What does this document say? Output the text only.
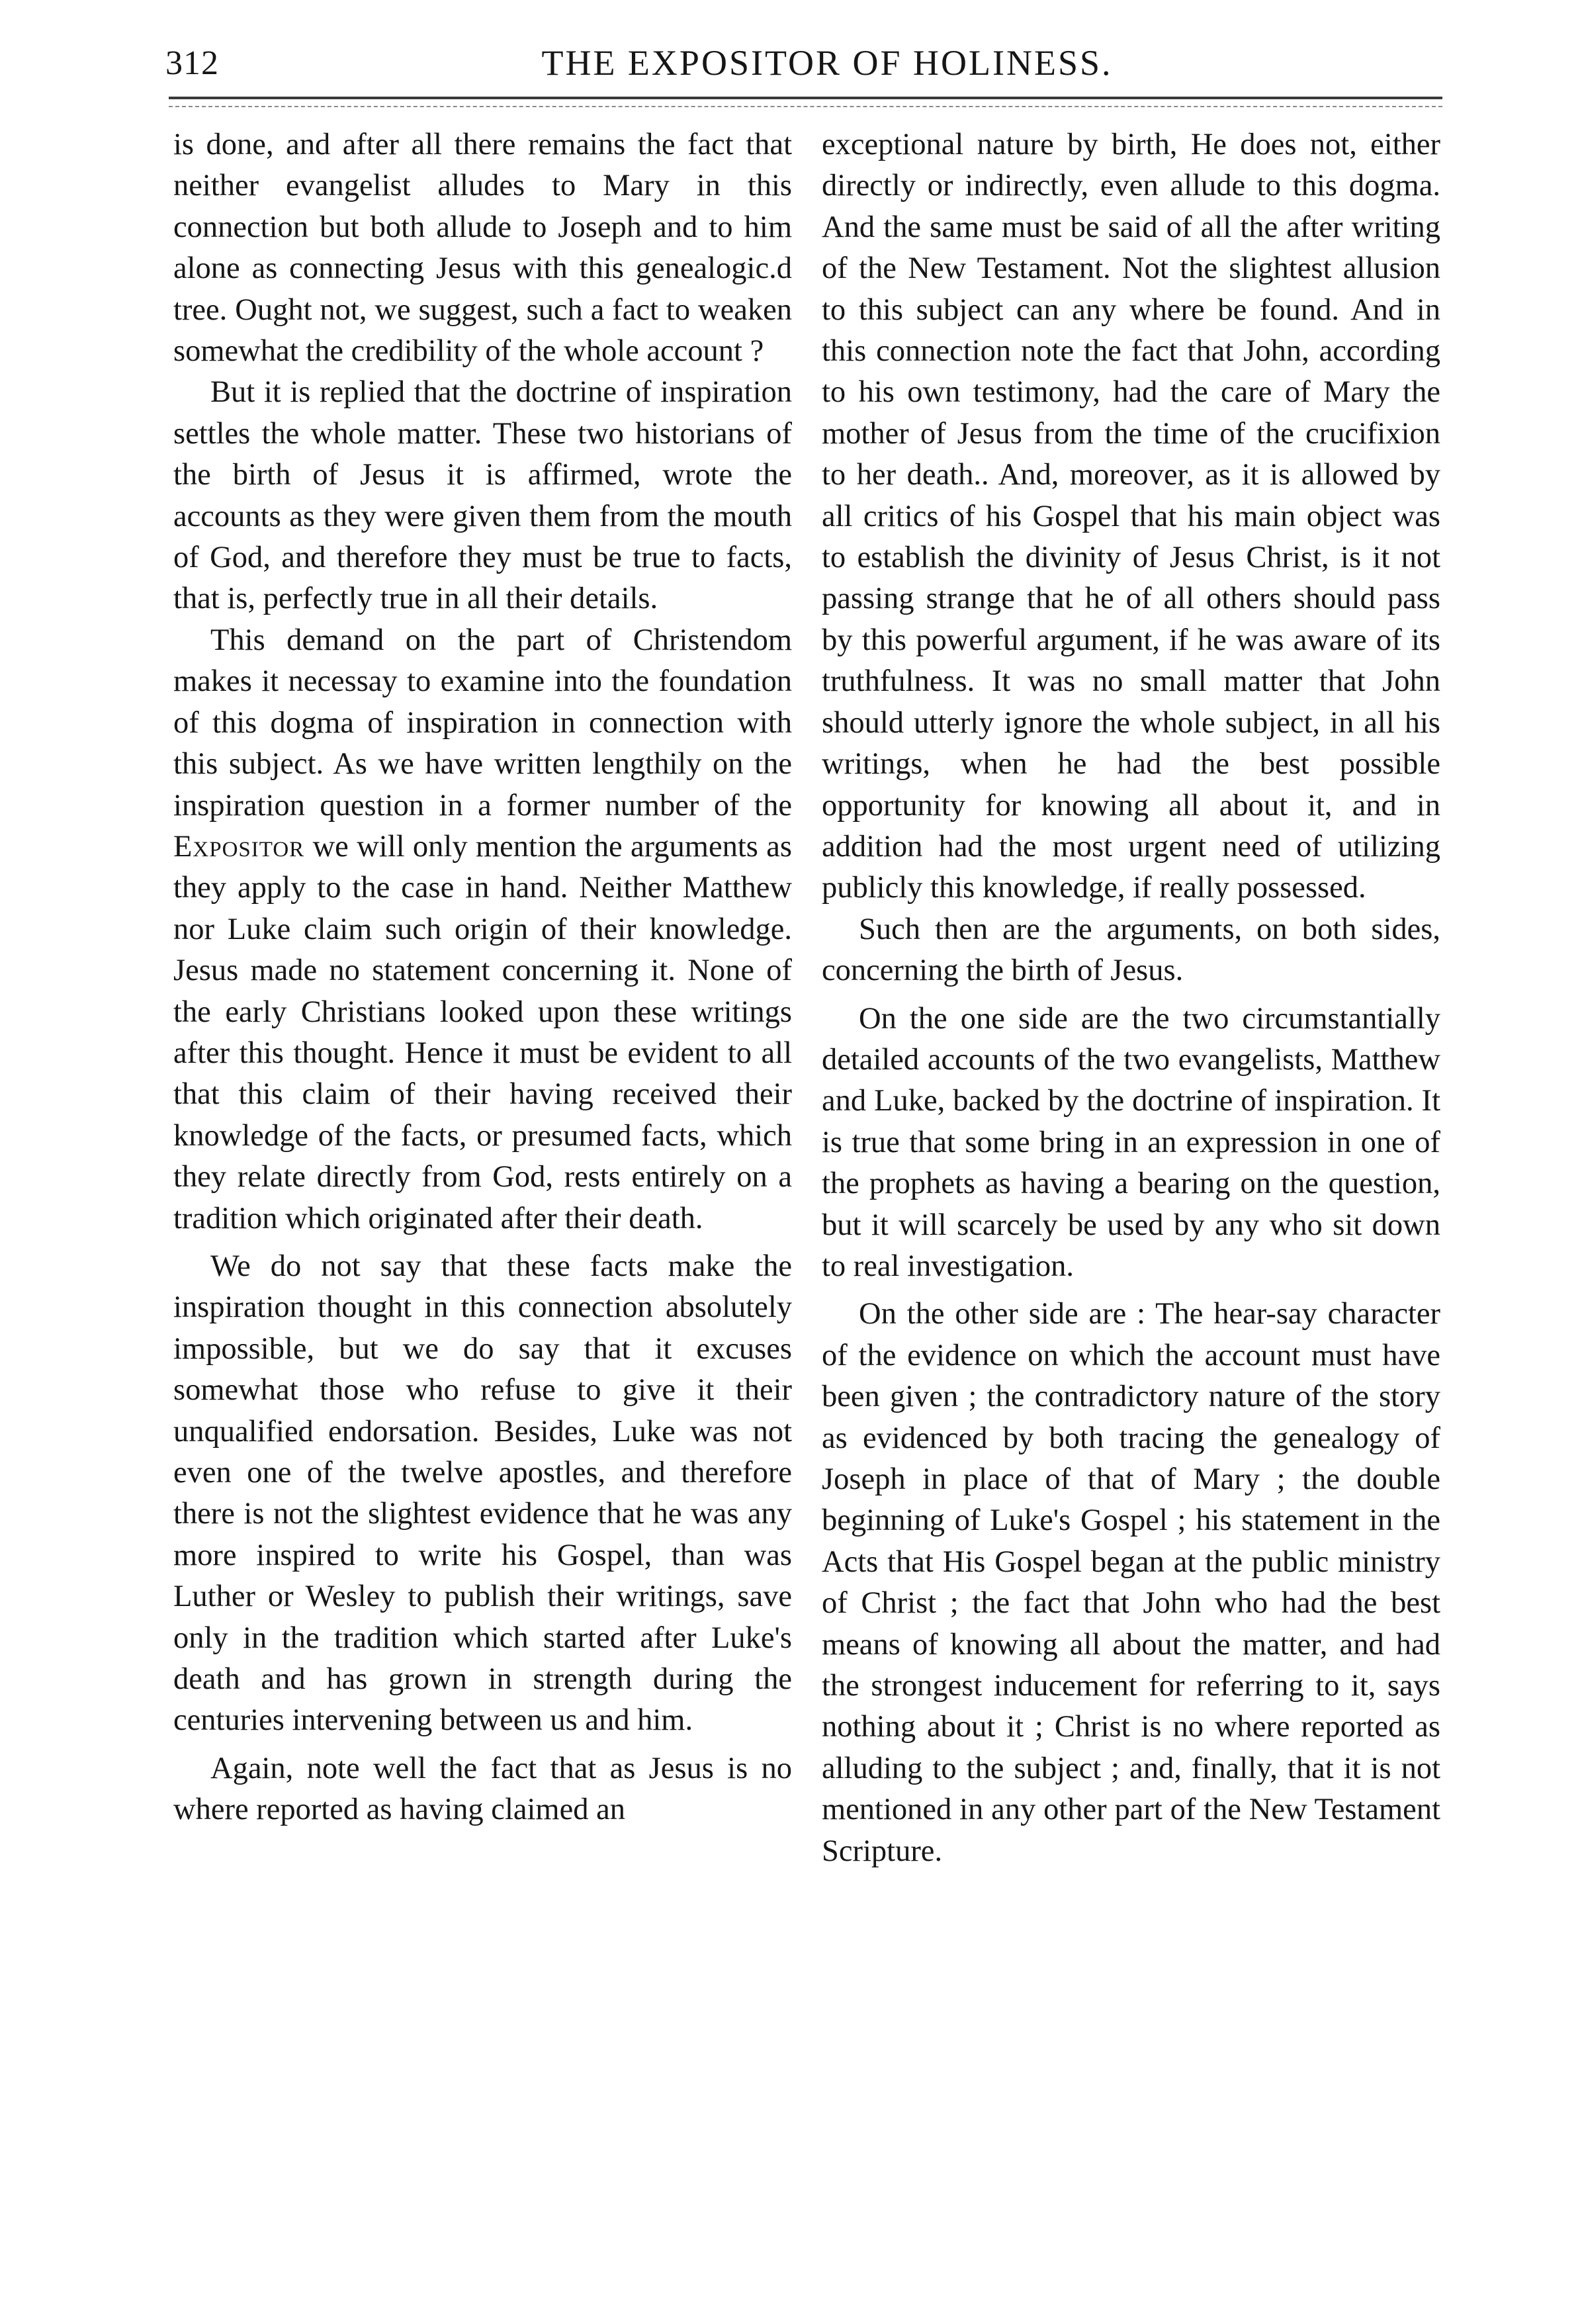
312	THE EXPOSITOR OF HOLINESS.

is done, and after all there remains the fact that neither evangelist alludes to Mary in this connection but both allude to Joseph and to him alone as connecting Jesus with this genealogic.d tree. Ought not, we suggest, such a fact to weaken somewhat the credibility of the whole account ?

But it is replied that the doctrine of inspiration settles the whole matter. These two historians of the birth of Jesus it is affirmed, wrote the accounts as they were given them from the mouth of God, and therefore they must be true to facts, that is, perfectly true in all their details.

This demand on the part of Christendom makes it necessay to examine into the foundation of this dogma of inspiration in connection with this subject. As we have written lengthily on the inspiration question in a former number of the Expositor we will only mention the arguments as they apply to the case in hand. Neither Matthew nor Luke claim such origin of their knowledge. Jesus made no statement concerning it. None of the early Christians looked upon these writings after this thought. Hence it must be evident to all that this claim of their having received their knowledge of the facts, or presumed facts, which they relate directly from God, rests entirely on a tradition which originated after their death.

We do not say that these facts make the inspiration thought in this connection absolutely impossible, but we do say that it excuses somewhat those who refuse to give it their unqualified endorsation. Besides, Luke was not even one of the twelve apostles, and therefore there is not the slightest evidence that he was any more inspired to write his Gospel, than was Luther or Wesley to publish their writings, save only in the tradition which started after Luke's death and has grown in strength during the centuries intervening between us and him.

Again, note well the fact that as Jesus is no where reported as having claimed an

exceptional nature by birth, He does not, either directly or indirectly, even allude to this dogma. And the same must be said of all the after writing of the New Testament. Not the slightest allusion to this subject can any where be found. And in this connection note the fact that John, according to his own testimony, had the care of Mary the mother of Jesus from the time of the crucifixion to her death.. And, moreover, as it is allowed by all critics of his Gospel that his main object was to establish the divinity of Jesus Christ, is it not passing strange that he of all others should pass by this powerful argument, if he was aware of its truthfulness. It was no small matter that John should utterly ignore the whole subject, in all his writings, when he had the best possible opportunity for knowing all about it, and in addition had the most urgent need of utilizing publicly this knowledge, if really possessed.

Such then are the arguments, on both sides, concerning the birth of Jesus.

On the one side are the two circumstantially detailed accounts of the two evangelists, Matthew and Luke, backed by the doctrine of inspiration. It is true that some bring in an expression in one of the prophets as having a bearing on the question, but it will scarcely be used by any who sit down to real investigation.

On the other side are : The hear-say character of the evidence on which the account must have been given ; the contradictory nature of the story as evidenced by both tracing the genealogy of Joseph in place of that of Mary ; the double beginning of Luke's Gospel ; his statement in the Acts that His Gospel began at the public ministry of Christ ; the fact that John who had the best means of knowing all about the matter, and had the strongest inducement for referring to it, says nothing about it ; Christ is no where reported as alluding to the subject ; and, finally, that it is not mentioned in any other part of the New Testament Scripture.
